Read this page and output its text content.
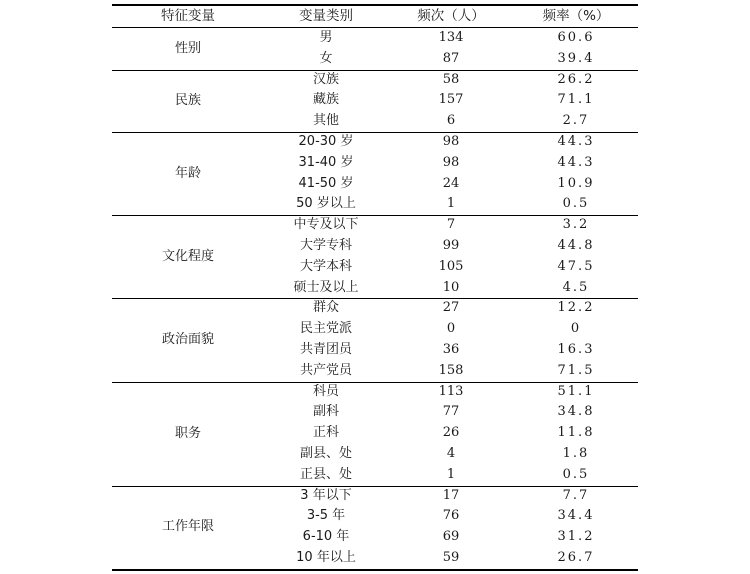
特征变量	变量类别	频次（人）	频率（%）
性别
男	134	60.6
女	87	39.4
民族
汉族	58	26.2
藏族	157	71.1
其他	6	2.7
年龄
20-30 岁	98	44.3
31-40 岁	98	44.3
41-50 岁	24	10.9
50 岁以上	1	0.5
文化程度
中专及以下	7	3.2
大学专科	99	44.8
大学本科	105	47.5
硕士及以上	10	4.5
政治面貌
群众	27	12.2
民主党派	0	0
共青团员	36	16.3
共产党员	158	71.5
职务
科员	113	51.1
副科	77	34.8
正科	26	11.8
副县、处	4	1.8
正县、处	1	0.5
工作年限
3 年以下	17	7.7
3-5 年	76	34.4
6-10 年	69	31.2
10 年以上	59	26.7
